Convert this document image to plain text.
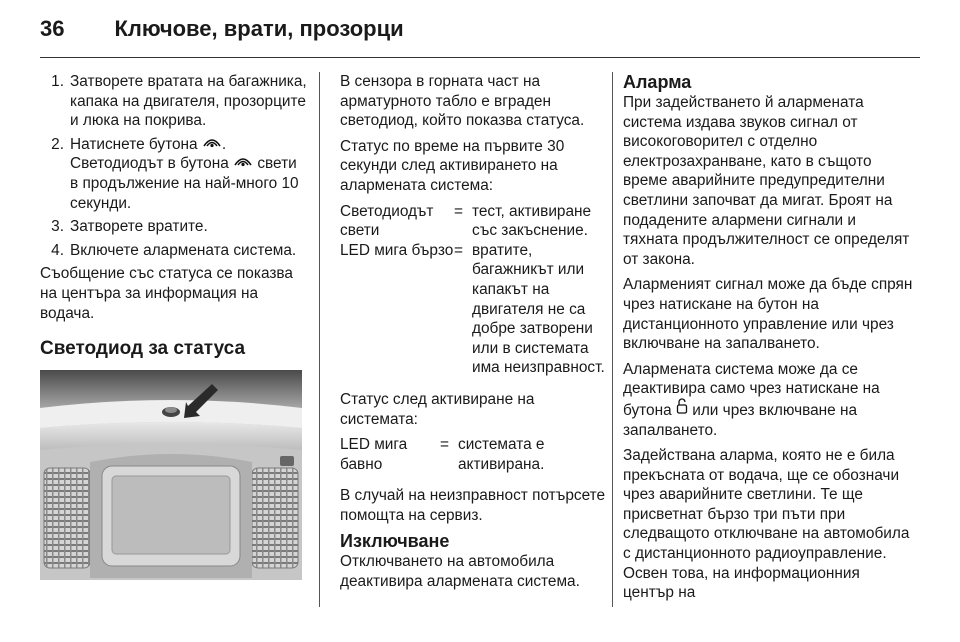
36 Ключове, врати, прозорци
1. Затворете вратата на багажника, капака на двигателя, прозорците и люка на покрива.
2. Натиснете бутона . Светодиодът в бутона  свети в продължение на най-много 10 секунди.
3. Затворете вратите.
4. Включете алармената система.

Съобщение със статуса се показва на центъра за информация на водача.

Светодиод за статуса

В сензора в горната част на арматурното табло е вграден светодиод, който показва статуса.

Статус по време на първите 30 секунди след активирането на алармената система:

Светодиодът свети
= тест, активиране със закъснение.
LED мига бързо = вратите, багажникът или капакът на двигателя не са добре затворени или в системата има неизправност.

Статус след активиране на системата:

LED мига бавно
= системата е активирана.

В случай на неизправност потърсете помощта на сервиз.

Изключване

Отключването на автомобила деактивира алармената система.

Аларма

При задействането й алармената система издава звуков сигнал от високоговорител с отделно електрозахранване, като в същото време аварийните предупредителни светлини започват да мигат. Броят на подадените алармени сигнали и тяхната продължителност се определят от закона.

Алармeният сигнал може да бъде спрян чрез натискане на бутон на дистанционното управление или чрез включване на запалването.

Алармената система може да се деактивира само чрез натискане на бутона  или чрез включване на запалването.

Задействана аларма, която не е била прекъсната от водача, ще се обозначи чрез аварийните светлини. Те ще присветнат бързо три пъти при следващото отключване на автомобила с дистанционното радиоуправление. Освен това, на информационния център на
